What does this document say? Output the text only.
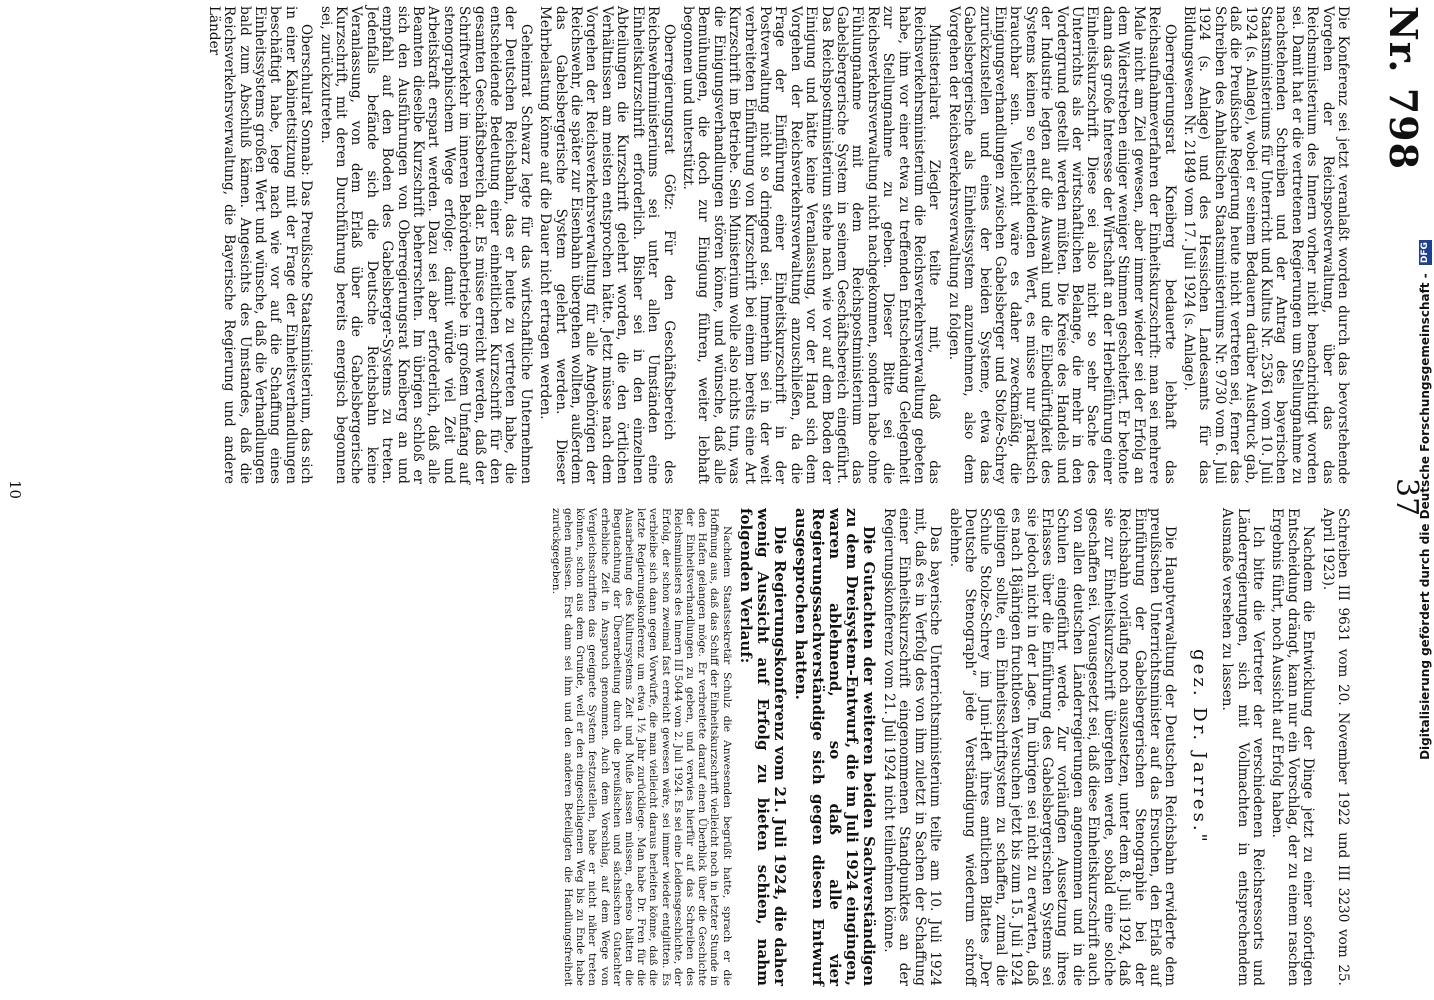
Nr. 798
37

Die Konferenz sei jetzt veranlaßt worden durch das bevorstehende Vorgehen der Reichspostverwaltung, über das das Reichsministerium des Innern vorher nicht benachrichtigt worden sei. Damit hat er die vertretenen Regierungen um Stellungnahme zu nachstehenden Schreiben und der Antrag des bayerischen Staatsministeriums für Unterricht und Kultus Nr. 25361 vom 10. Juli 1924 (s. Anlage), wobei er seinem Bedauern darüber Ausdruck gab, daß die Preußische Regierung heute nicht vertreten sei, ferner das Schreiben des Anhaltischen Staatsministeriums Nr. 9730 vom 6. Juli 1924 (s. Anlage) und des Hessischen Landesamts für das Bildungswesen Nr. 21849 vom 17. Juli 1924 (s. Anlage).

Oberregierungsrat Kneiberg bedauerte lebhaft das Reichsaufnahmeverfahren der Einheitskurzschrift: man sei mehrere Male nicht am Ziel gewesen, aber immer wieder sei der Erfolg an dem Widerstreben einiger weniger Stimmen gescheitert. Er betonte dann das große Interesse der Wirtschaft an der Herbeiführung einer Einheitskurzschrift. Diese sei also nicht so sehr Sache des Unterrichts als der wirtschaftlichen Belange, die mehr in den Vordergrund gestellt werden müßten. Die Kreise des Handels und der Industrie legten auf die Auswahl und die Eilbedürftigkeit des Systems keinen so entscheidenden Wert, es müsse nur praktisch brauchbar sein. Vielleicht wäre es daher zweckmäßig, die Einigungsverhandlungen zwischen Gabelsberger und Stolze-Schrey zurückzustellen und eines der beiden Systeme, etwa das Gabelsbergerische als Einheitssystem anzunehmen, also dem Vorgehen der Reichsverkehrsverwaltung zu folgen.

Ministerialrat Ziegler teilte mit, daß das Reichsverkehrsministerium die Reichsverkehrsverwaltung gebeten habe, ihm vor einer etwa zu treffenden Entscheidung Gelegenheit zur Stellungnahme zu geben. Dieser Bitte sei die Reichsverkehrsverwaltung nicht nachgekommen, sondern habe ohne Fühlungnahme mit dem Reichspostministerium das Gabelsbergerische System in seinem Geschäftsbereich eingeführt. Das Reichspostministerium stehe nach wie vor auf dem Boden der Einigung und hätte keine Veranlassung, vor der Hand sich dem Vorgehen der Reichsverkehrsverwaltung anzuschließen, da die Frage der Einführung einer Einheitskurzschrift in der Postverwaltung nicht so dringend sei. Immerhin sei in der weit verbreiteten Einführung von Kurzschrift bei einem bereits eine Art Kurzschrift im Betriebe. Sein Ministerium wolle also nichts tun, was die Einigungsverhandlungen stören könne, und wünsche, daß alle Bemühungen, die doch zur Einigung führen, weiter lebhaft begonnen und unterstützt.

Oberregierungsrat Götz: Für den Geschäftsbereich des Reichswehrministeriums sei unter allen Umständen eine Einheitskurzschrift erforderlich. Bisher sei in den einzelnen Abteilungen die Kurzschrift gelehrt worden, die den örtlichen Verhältnissen am meisten entsprochen hätte. Jetzt müsse nach dem Vorgehen der Reichsverkehrsverwaltung für alle Angehörigen der Reichswehr, die später zur Eisenbahn übergehen wollten, außerdem das Gabelsbergerische System gelehrt werden. Dieser Mehrbelastung könne auf die Dauer nicht ertragen werden.

Geheimrat Schwarz legte für das wirtschaftliche Unternehmen der Deutschen Reichsbahn, das er heute zu vertreten habe, die entscheidende Bedeutung einer einheitlichen Kurzschrift für den gesamten Geschäftsbereich dar. Es müsse erreicht werden, daß der Schriftverkehr im inneren Behördenbetriebe in großem Umfang auf stenographischem Wege erfolge; damit würde viel Zeit und Arbeitskraft erspart werden. Dazu sei aber erforderlich, daß alle Beamten dieselbe Kurzschrift beherrschten. Im übrigen schloß er sich den Ausführungen von Oberregierungsrat Kneiberg an und empfahl auf den Boden des Gabelsberger-Systems zu treten. Jedenfalls befände sich die Deutsche Reichsbahn keine Veranlassung, von dem Erlaß über die Gabelsbergerische Kurzschrift, mit deren Durchführung bereits energisch begonnen sei, zurückzutreten.

Oberschulrat Sonnab: Das Preußische Staatsministerium, das sich in einer Kabinettsitzung mit der Frage der Einheitsverhandlungen beschäftigt habe, lege nach wie vor auf die Schaffung eines Einheitssystems großen Wert und wünsche, daß die Verhandlungen bald zum Abschluß kämen. Angesichts des Umstandes, daß die Reichsverkehrsverwaltung, die Bayerische Regierung und andere Länder

Schreiben III 9631 vom 20. November 1922 und III 3230 vom 25. April 1923).

Nachdem die Entwicklung der Dinge jetzt zu einer sofortigen Entscheidung drängt, kann nur ein Vorschlag, der zu einem raschen Ergebnis führt, noch Aussicht auf Erfolg haben.

Ich bitte die Vertreter der verschiedenen Reichsressorts und Länderregierungen, sich mit Vollmachten in entsprechendem Ausmaße versehen zu lassen.

gez. Dr. Jarres."

Die Hauptverwaltung der Deutschen Reichsbahn erwiderte dem preußischen Unterrichtsminister auf das Ersuchen, den Erlaß auf Einführung der Gabelsbergerischen Stenographie bei der Reichsbahn vorläufig noch auszusetzen, unter dem 8. Juli 1924, daß sie zur Einheitskurzschrift übergehen werde, sobald eine solche geschaffen sei. Vorausgesetzt sei, daß diese Einheitskurzschrift auch von allen deutschen Länderregierungen angenommen und in die Schulen eingeführt werde. Zur vorläufigen Aussetzung ihres Erlasses über die Einführung des Gabelsbergerischen Systems sei sie jedoch nicht in der Lage. Im übrigen sei nicht zu erwarten, daß es nach 18jährigen fruchtlosen Versuchen jetzt bis zum 15. Juli 1924 gelingen sollte, ein Einheitsschriftsystem zu schaffen, zumal die Schule Stolze-Schrey im Juni-Heft ihres amtlichen Blattes „Der Deutsche Stenograph“ jede Verständigung wiederum schroff ablehne.

Das bayerische Unterrichtsministerium teilte am 10. Juli 1924 mit, daß es in Verfolg des von ihm zuletzt in Sachen der Schaffung einer Einheitskurzschrift eingenommenen Standpunktes an der Regierungskonferenz vom 21. Juli 1924 nicht teilnehmen könne.

Die Gutachten der weiteren beiden Sachverständigen zu dem Dreisystem-Entwurf, die im Juli 1924 eingingen, waren ablehnend, so daß alle vier Regierungssachverständige sich gegen diesen Entwurf ausgesprochen hatten.

Die Regierungskonferenz vom 21. Juli 1924, die daher wenig Aussicht auf Erfolg zu bieten schien, nahm folgenden Verlauf:

Nachdem Staatssekretär Schulz die Anwesenden begrüßt hatte, sprach er die Hoffnung aus, daß das Schiff der Einheitskurzschrift vielleicht noch in letzter Stunde in den Hafen gelangen möge. Er verbreitete darauf einen Überblick über die Geschichte der Einheitsverhandlungen zu geben, und verwies hierfür auf das Schreiben des Reichsministers des Innern III 5044 vom 2. Juli 1924. Es sei eine Leidensgeschichte, der Erfolg, der schon zweimal fast erreicht gewesen wäre, sei immer wieder entglitten. Es verbleibe sich dann gegen Vorwürfe, die man vielleicht daraus herleiten könne, daß die letzte Regierungskonferenz um etwa 1½ Jahr zurückliege. Man habe Dr. Fren für die Ausarbeitung des Kultursystems Zeit und Muße lassen müssen, ebenso hätten die Begutachtung der Überarbeitung durch die preußischen und sächsischen Gutachter erhebliche Zeit in Anspruch genommen. Auch dem Vorschlag, auf dem Wege von Vergleichsschriften das geeignete System festzustellen, habe er nicht näher treten können, schon aus dem Grunde, weil er den eingeschlagenen Weg bis zu Ende habe gehen müssen. Erst dann sei ihm und den anderen Beteiligten die Handlungsfreiheit zurückgegeben.

10	Digitalisierung gefördert durch die Deutsche Forschungsgemeinschaft - DFG
